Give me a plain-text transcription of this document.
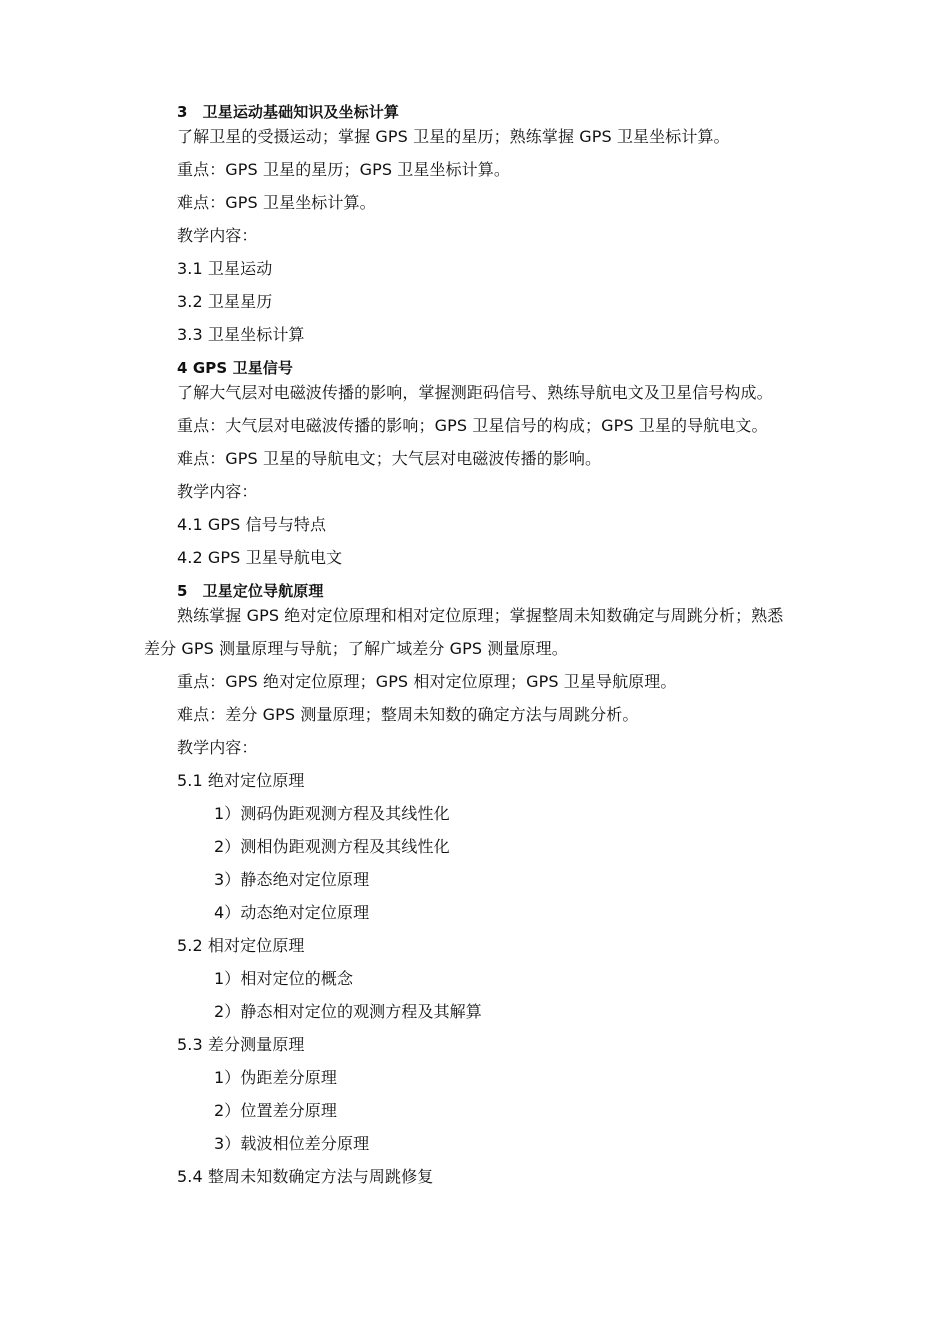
3　卫星运动基础知识及坐标计算
了解卫星的受摄运动；掌握 GPS 卫星的星历；熟练掌握 GPS 卫星坐标计算。
重点：GPS 卫星的星历；GPS 卫星坐标计算。
难点：GPS 卫星坐标计算。
教学内容：
3.1 卫星运动
3.2 卫星星历
3.3 卫星坐标计算
4 GPS 卫星信号
了解大气层对电磁波传播的影响，掌握测距码信号、熟练导航电文及卫星信号构成。
重点：大气层对电磁波传播的影响；GPS 卫星信号的构成；GPS 卫星的导航电文。
难点：GPS 卫星的导航电文；大气层对电磁波传播的影响。
教学内容：
4.1 GPS 信号与特点
4.2 GPS 卫星导航电文
5　卫星定位导航原理
熟练掌握 GPS 绝对定位原理和相对定位原理；掌握整周未知数确定与周跳分析；熟悉
差分 GPS 测量原理与导航；了解广域差分 GPS 测量原理。
重点：GPS 绝对定位原理；GPS 相对定位原理；GPS 卫星导航原理。
难点：差分 GPS 测量原理；整周未知数的确定方法与周跳分析。
教学内容：
5.1 绝对定位原理
1）测码伪距观测方程及其线性化
2）测相伪距观测方程及其线性化
3）静态绝对定位原理
4）动态绝对定位原理
5.2 相对定位原理
1）相对定位的概念
2）静态相对定位的观测方程及其解算
5.3 差分测量原理
1）伪距差分原理
2）位置差分原理
3）载波相位差分原理
5.4 整周未知数确定方法与周跳修复
